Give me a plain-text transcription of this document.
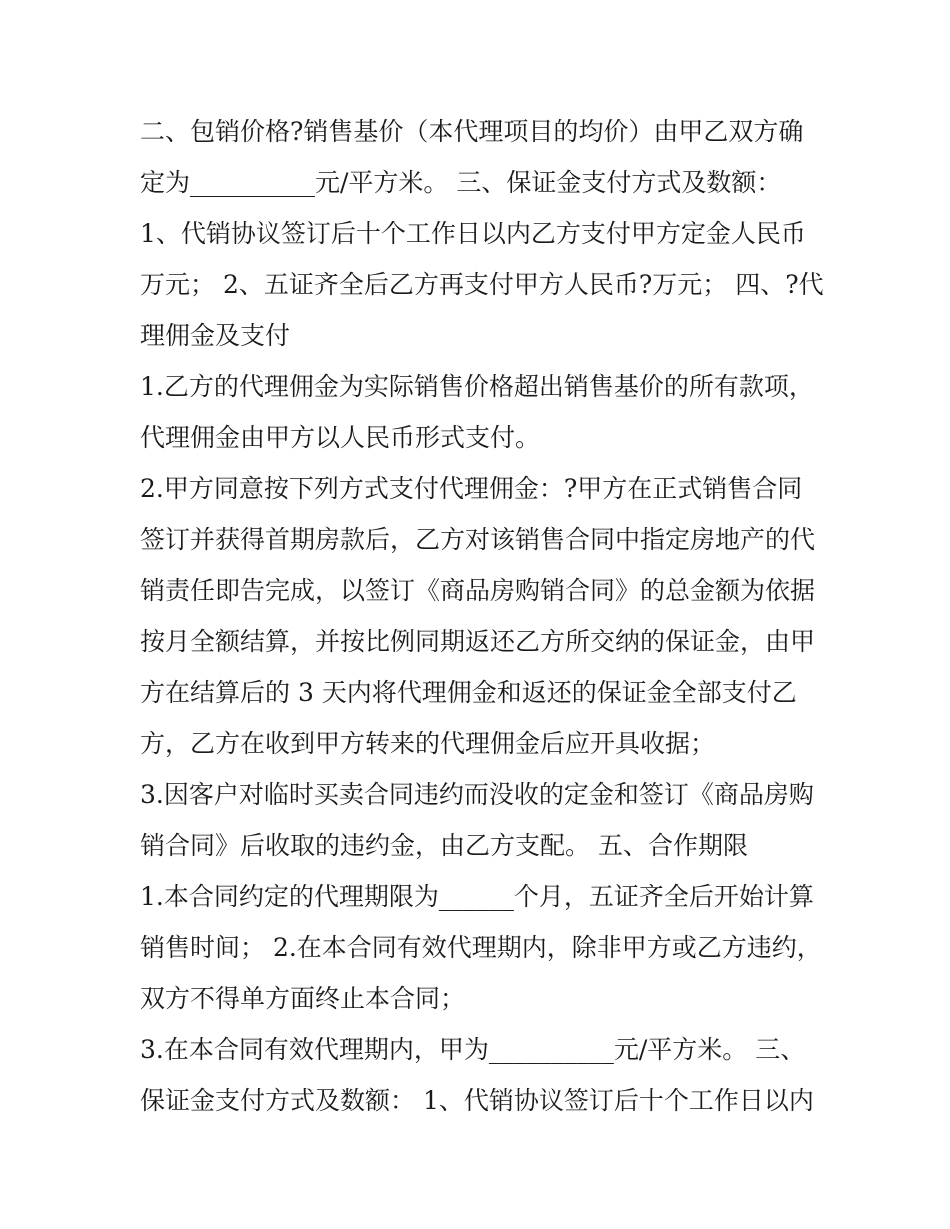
二、包销价格?销售基价（本代理项目的均价）由甲乙双方确
定为__________元/平方米。 三、保证金支付方式及数额：
1、代销协议签订后十个工作日以内乙方支付甲方定金人民币
万元； 2、五证齐全后乙方再支付甲方人民币?万元； 四、?代
理佣金及支付
1.乙方的代理佣金为实际销售价格超出销售基价的所有款项，
代理佣金由甲方以人民币形式支付。
2.甲方同意按下列方式支付代理佣金：?甲方在正式销售合同
签订并获得首期房款后，乙方对该销售合同中指定房地产的代
销责任即告完成，以签订《商品房购销合同》的总金额为依据
按月全额结算，并按比例同期返还乙方所交纳的保证金，由甲
方在结算后的 3 天内将代理佣金和返还的保证金全部支付乙
方，乙方在收到甲方转来的代理佣金后应开具收据；
3.因客户对临时买卖合同违约而没收的定金和签订《商品房购
销合同》后收取的违约金，由乙方支配。 五、合作期限
1.本合同约定的代理期限为______个月，五证齐全后开始计算
销售时间； 2.在本合同有效代理期内，除非甲方或乙方违约，
双方不得单方面终止本合同；
3.在本合同有效代理期内，甲为__________元/平方米。 三、
保证金支付方式及数额： 1、代销协议签订后十个工作日以内
